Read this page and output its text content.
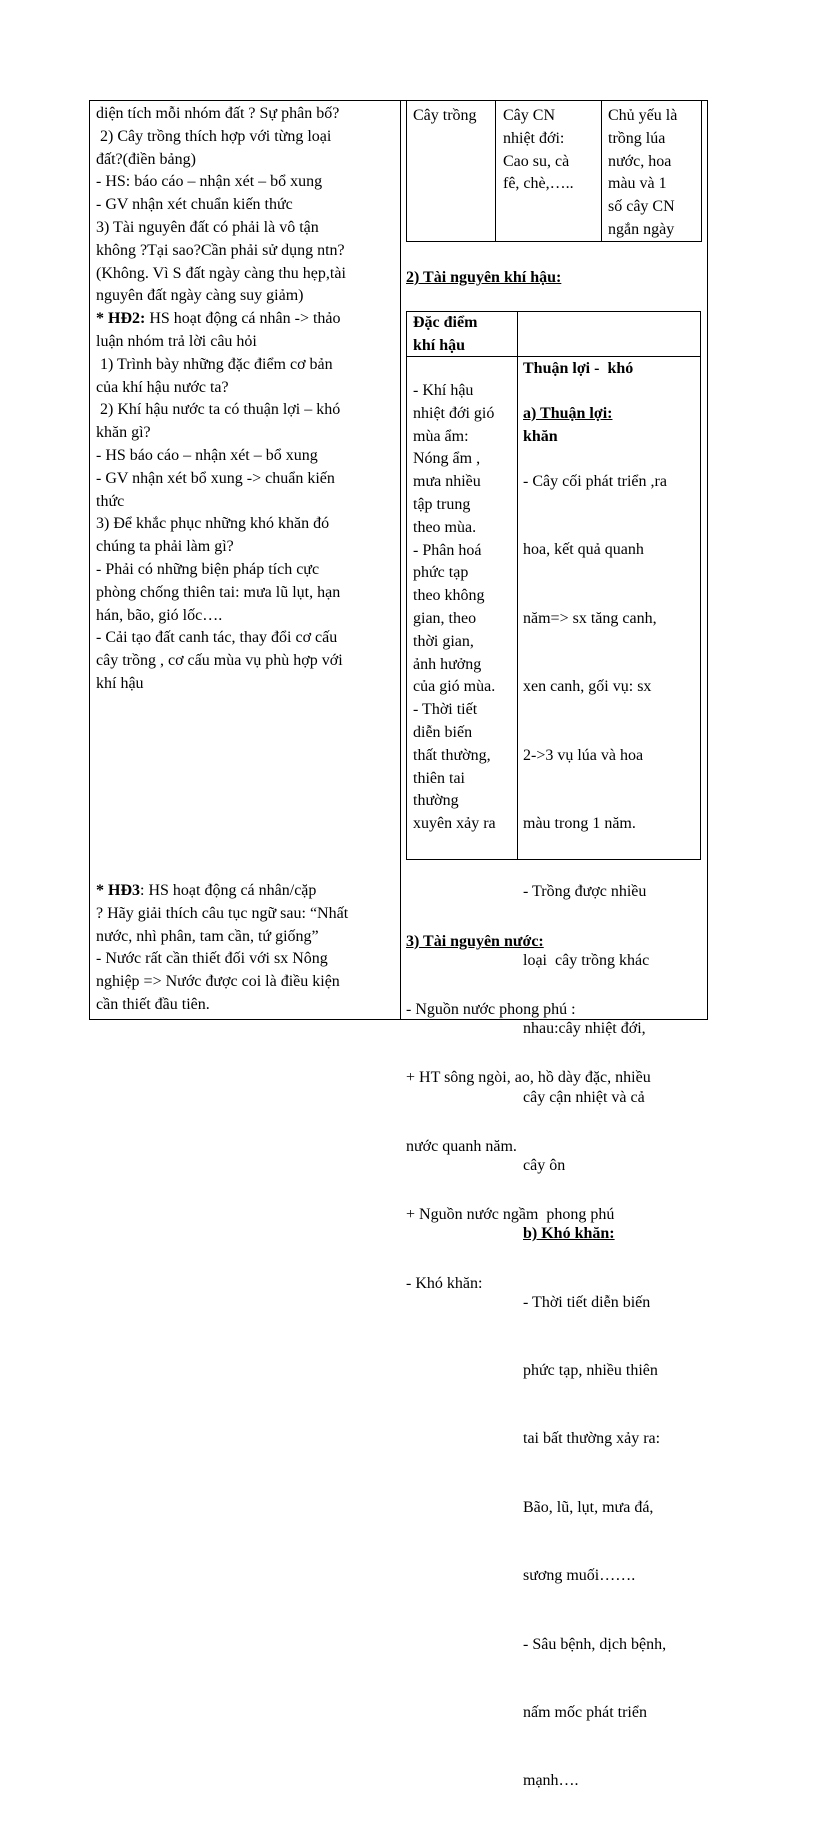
diện tích mỗi nhóm đất ? Sự phân bố?
2) Cây trồng thích hợp với từng loại
đất?(điền bảng)
- HS: báo cáo – nhận xét – bổ xung
- GV nhận xét chuẩn kiến thức
3) Tài nguyên đất có phải là vô tận
không ?Tại sao?Cần phải sử dụng ntn?
(Không. Vì S đất ngày càng thu hẹp,tài
nguyên đất ngày càng suy giảm)
* HĐ2: HS hoạt động cá nhân -> thảo
luận nhóm trả lời câu hỏi
1) Trình bày những đặc điểm cơ bản
của khí hậu nước ta?
2) Khí hậu nước ta có thuận lợi – khó
khăn gì?
- HS báo cáo – nhận xét – bổ xung
- GV nhận xét bổ xung -> chuẩn kiến
thức
3) Để khắc phục những khó khăn đó
chúng ta phải làm gì?
- Phải có những biện pháp tích cực
phòng chống thiên tai: mưa lũ lụt, hạn
hán, bão, gió lốc….
- Cải tạo đất canh tác, thay đổi cơ cấu
cây trồng , cơ cấu mùa vụ phù hợp với
khí hậu
* HĐ3: HS hoạt động cá nhân/cặp
? Hãy giải thích câu tục ngữ sau: “Nhất
nước, nhì phân, tam cần, tứ giống”
- Nước rất cần thiết đối với sx Nông
nghiệp => Nước được coi là điều kiện
cần thiết đầu tiên.
Cây trồng Cây CN
nhiệt đới:
Cao su, cà
fê, chè,…..
Chủ yếu là
trồng lúa
nước, hoa
màu và 1
số cây CN
ngắn ngày
2) Tài nguyên khí hậu:
Đặc điểm
khí hậu

Thuận lợi -  khó

khăn

- Khí hậu
nhiệt đới gió
mùa ẩm:
Nóng ẩm ,
mưa nhiều
tập trung
theo mùa.
- Phân hoá
phức tạp
theo không
gian, theo
thời gian,
ảnh hưởng
của gió mùa.
- Thời tiết
diễn biến
thất thường,
thiên tai
thường
xuyên xảy ra

a) Thuận lợi:

- Cây cối phát triển ,ra

hoa, kết quả quanh

năm=> sx tăng canh,

xen canh, gối vụ: sx

2->3 vụ lúa và hoa

màu trong 1 năm.

- Trồng được nhiều

loại  cây trồng khác

nhau:cây nhiệt đới,

cây cận nhiệt và cả

cây ôn

b) Khó khăn:

- Thời tiết diễn biến

phức tạp, nhiều thiên

tai bất thường xảy ra:

Bão, lũ, lụt, mưa đá,

sương muối…….

- Sâu bệnh, dịch bệnh,

nấm mốc phát triển

mạnh….

3) Tài nguyên nước:

- Nguồn nước phong phú :

+ HT sông ngòi, ao, hồ dày đặc, nhiều

nước quanh năm.

+ Nguồn nước ngầm  phong phú

- Khó khăn:
